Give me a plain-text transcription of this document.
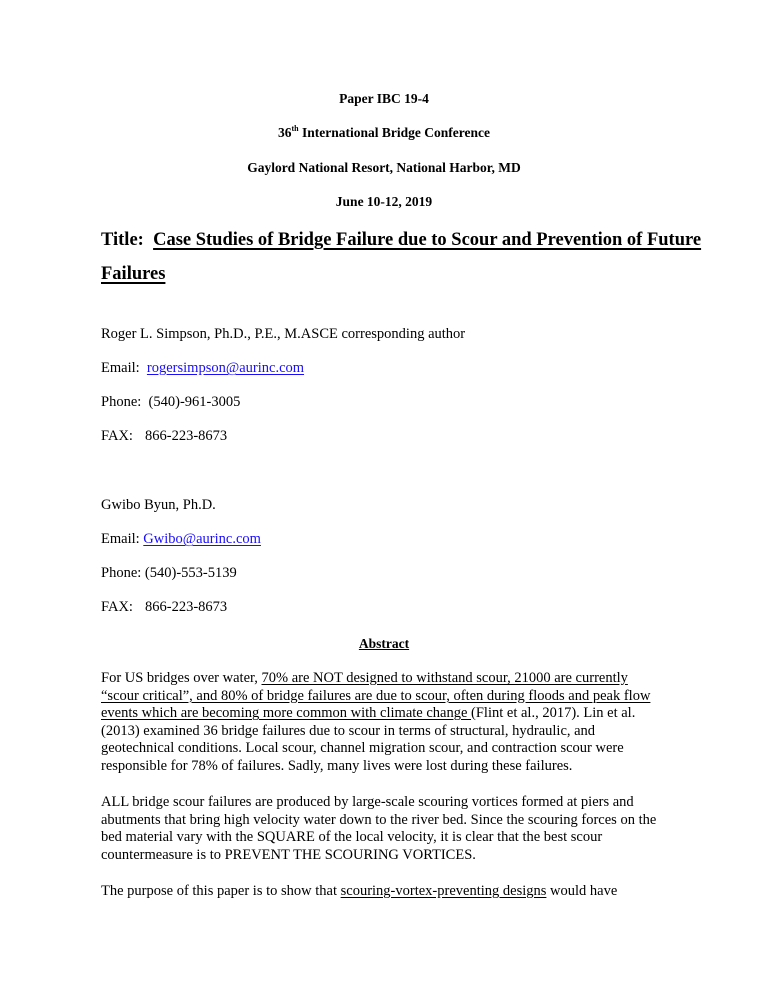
Paper IBC 19-4
36th International Bridge Conference
Gaylord National Resort, National Harbor, MD
June 10-12, 2019
Title: Case Studies of Bridge Failure due to Scour and Prevention of Future
Failures
Roger L. Simpson, Ph.D., P.E., M.ASCE corresponding author
Email: rogersimpson@aurinc.com
Phone: (540)-961-3005
FAX: 866-223-8673
Gwibo Byun, Ph.D.
Email: Gwibo@aurinc.com
Phone: (540)-553-5139
FAX: 866-223-8673
Abstract
For US bridges over water, 70% are NOT designed to withstand scour, 21000 are currently
“scour critical”, and 80% of bridge failures are due to scour, often during floods and peak flow
events which are becoming more common with climate change (Flint et al., 2017). Lin et al.
(2013) examined 36 bridge failures due to scour in terms of structural, hydraulic, and
geotechnical conditions. Local scour, channel migration scour, and contraction scour were
responsible for 78% of failures. Sadly, many lives were lost during these failures.
ALL bridge scour failures are produced by large-scale scouring vortices formed at piers and
abutments that bring high velocity water down to the river bed. Since the scouring forces on the
bed material vary with the SQUARE of the local velocity, it is clear that the best scour
countermeasure is to PREVENT THE SCOURING VORTICES.
The purpose of this paper is to show that scouring-vortex-preventing designs would have
